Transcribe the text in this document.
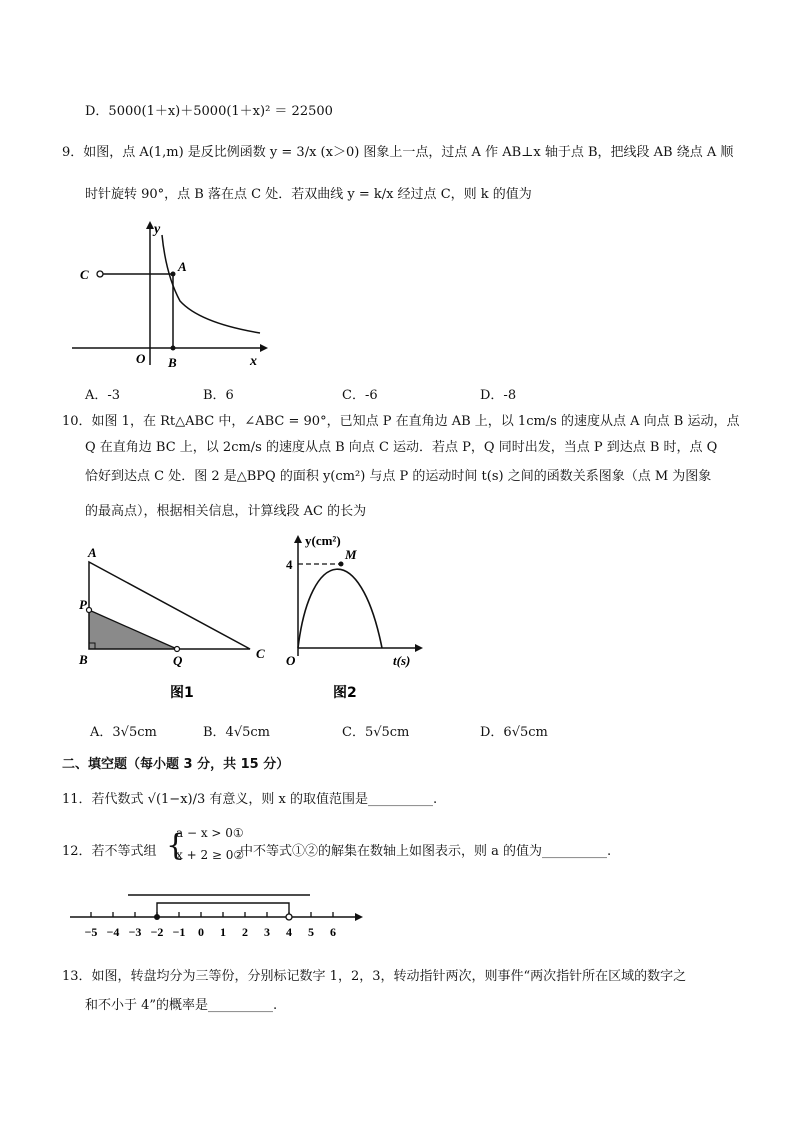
D．5000(1＋x)＋5000(1＋x)² ＝ 22500
9．如图，点 A(1,m) 是反比例函数 y = 3/x (x＞0) 图象上一点，过点 A 作 AB⊥x 轴于点 B，把线段 AB 绕点 A 顺
时针旋转 90°，点 B 落在点 C 处．若双曲线 y = k/x 经过点 C，则 k 的值为
y
x
O
A
B
C
A．-3	B．6	C．-6	D．-8
10．如图 1，在 Rt△ABC 中，∠ABC = 90°，已知点 P 在直角边 AB 上，以 1cm/s 的速度从点 A 向点 B 运动，点
Q 在直角边 BC 上，以 2cm/s 的速度从点 B 向点 C 运动．若点 P，Q 同时出发，当点 P 到达点 B 时，点 Q
恰好到达点 C 处．图 2 是△BPQ 的面积 y(cm²) 与点 P 的运动时间 t(s) 之间的函数关系图象（点 M 为图象
的最高点），根据相关信息，计算线段 AC 的长为
A
P
B	Q	C
图1
y(cm²)
4
M
O	t(s)
图2
A．3√5cm	B．4√5cm	C．5√5cm	D．6√5cm
二、填空题（每小题 3 分，共 15 分）
11．若代数式 √(1−x)/3 有意义，则 x 的取值范围是__________.
12．若不等式组 {
a − x > 0①
x + 2 ≥ 0②
中不等式①②的解集在数轴上如图表示，则 a 的值为__________.
−5 −4 −3 −2 −1 0 1 2 3 4 5 6
13．如图，转盘均分为三等份，分别标记数字 1，2，3，转动指针两次，则事件“两次指针所在区域的数字之
和不小于 4”的概率是__________.
